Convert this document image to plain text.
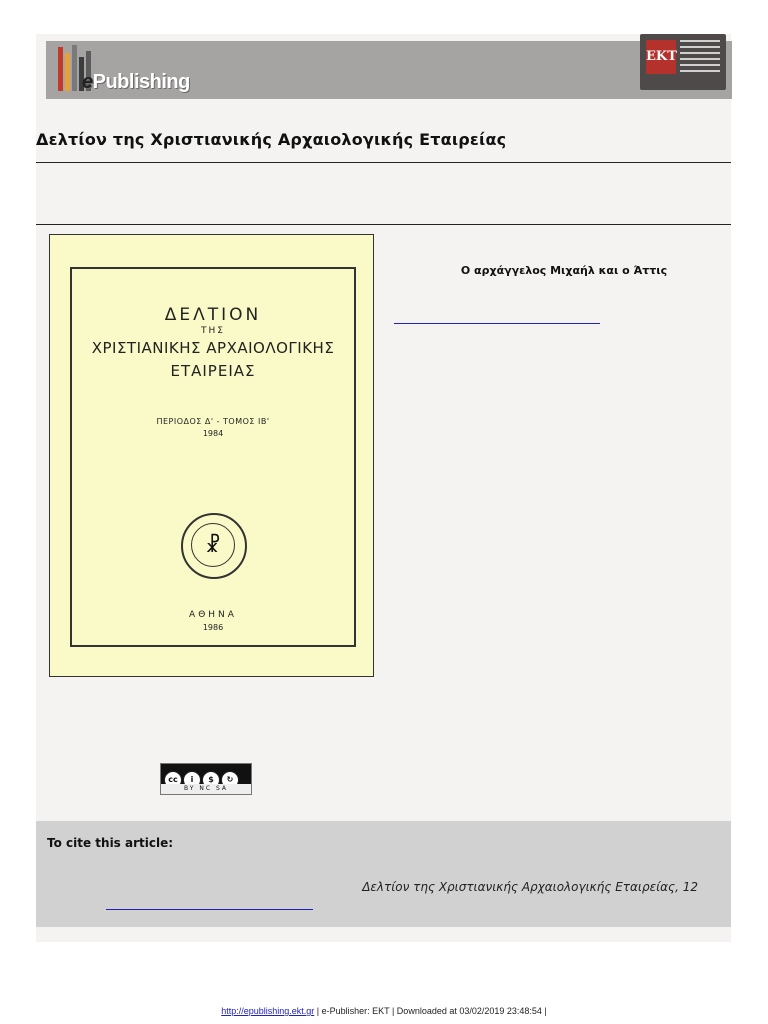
ePublishing
EKT
Δελτίον της Χριστιανικής Αρχαιολογικής Εταιρείας
ΔΕΛΤΙΟΝ
ΤΗΣ
ΧΡΙΣΤΙΑΝΙΚΗΣ ΑΡΧΑΙΟΛΟΓΙΚΗΣ
ΕΤΑΙΡΕΙΑΣ
ΠΕΡΙΟΔΟΣ Δ' - ΤΟΜΟΣ ΙΒ'
1984
☧
ΑΘΗΝΑ
1986
Ο αρχάγγελος Μιχαήλ και ο Άττις
cc i $ ↻
BY NC SA
To cite this article:
Δελτίον της Χριστιανικής Αρχαιολογικής Εταιρείας, 12
http://epublishing.ekt.gr | e-Publisher: EKT | Downloaded at 03/02/2019 23:48:54 |
